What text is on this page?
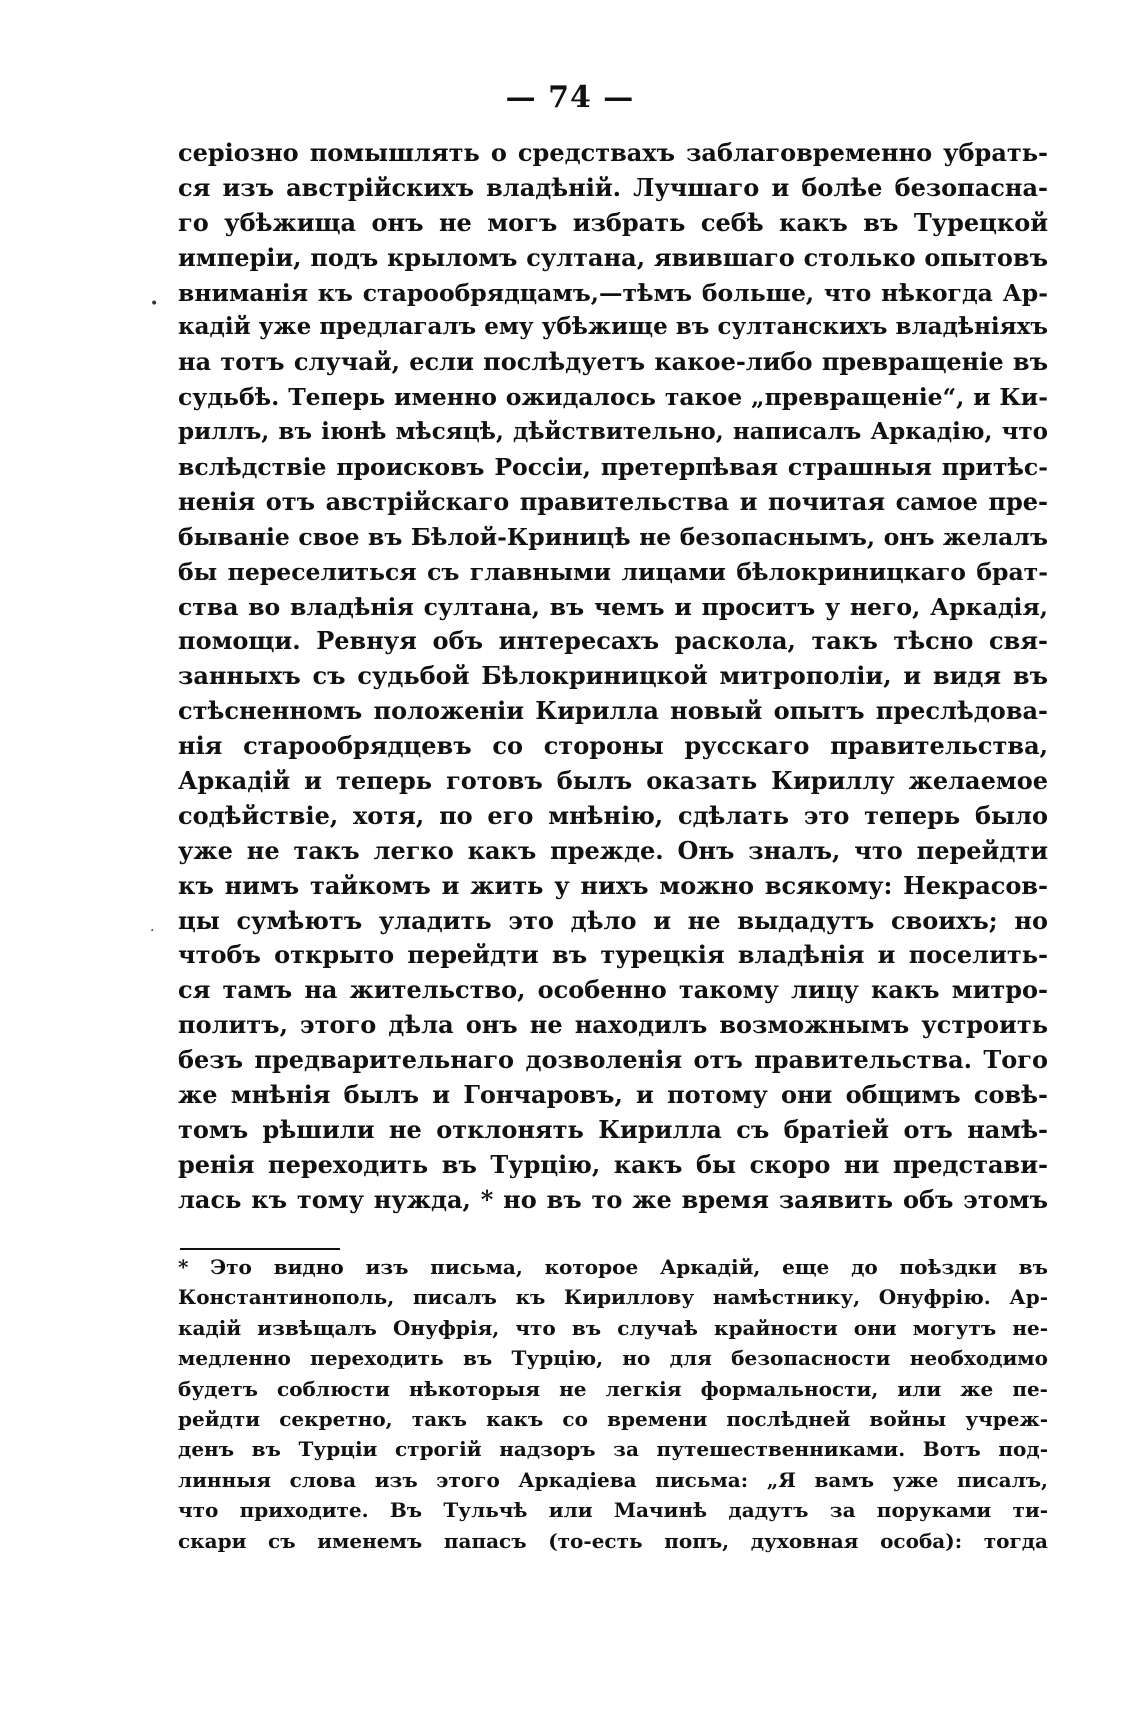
— 74 —
•
·
серіозно помышлять о средствахъ заблаговременно убрать-
ся изъ австрійскихъ владѣній. Лучшаго и болѣе безопасна-
го убѣжища онъ не могъ избрать себѣ какъ въ Турецкой
имперіи, подъ крыломъ султана, явившаго столько опытовъ
вниманія къ старообрядцамъ,—тѣмъ больше, что нѣкогда Ар-
кадій уже предлагалъ ему убѣжище въ султанскихъ владѣніяхъ
на тотъ случай, если послѣдуетъ какое-либо превращеніе въ
судьбѣ. Теперь именно ожидалось такое „превращеніе“, и Ки-
риллъ, въ іюнѣ мѣсяцѣ, дѣйствительно, написалъ Аркадію, что
вслѣдствіе происковъ Россіи, претерпѣвая страшныя притѣс-
ненія отъ австрійскаго правительства и почитая самое пре-
бываніе свое въ Бѣлой-Криницѣ не безопаснымъ, онъ желалъ
бы переселиться съ главными лицами бѣлокриницкаго брат-
ства во владѣнія султана, въ чемъ и проситъ у него, Аркадія,
помощи. Ревнуя объ интересахъ раскола, такъ тѣсно свя-
занныхъ съ судьбой Бѣлокриницкой митрополіи, и видя въ
стѣсненномъ положеніи Кирилла новый опытъ преслѣдова-
нія старообрядцевъ со стороны русскаго правительства,
Аркадій и теперь готовъ былъ оказать Кириллу желаемое
содѣйствіе, хотя, по его мнѣнію, сдѣлать это теперь было
уже не такъ легко какъ прежде. Онъ зналъ, что перейдти
къ нимъ тайкомъ и жить у нихъ можно всякому: Некрасов-
цы сумѣютъ уладить это дѣло и не выдадутъ своихъ; но
чтобъ открыто перейдти въ турецкія владѣнія и поселить-
ся тамъ на жительство, особенно такому лицу какъ митро-
политъ, этого дѣла онъ не находилъ возможнымъ устроить
безъ предварительнаго дозволенія отъ правительства. Того
же мнѣнія былъ и Гончаровъ, и потому они общимъ совѣ-
томъ рѣшили не отклонять Кирилла съ братіей отъ намѣ-
ренія переходить въ Турцію, какъ бы скоро ни представи-
лась къ тому нужда, * но въ то же время заявить объ этомъ
* Это видно изъ письма, которое Аркадій, еще до поѣздки въ
Константинополь, писалъ къ Кириллову намѣстнику, Онуфрію. Ар-
кадій извѣщалъ Онуфрія, что въ случаѣ крайности они могутъ не-
медленно переходить въ Турцію, но для безопасности необходимо
будетъ соблюсти нѣкоторыя не легкія формальности, или же пе-
рейдти секретно, такъ какъ со времени послѣдней войны учреж-
денъ въ Турціи строгій надзоръ за путешественниками. Вотъ под-
линныя слова изъ этого Аркадіева письма: „Я вамъ уже писалъ,
что приходите. Въ Тульчѣ или Мачинѣ дадутъ за поруками ти-
скари съ именемъ папасъ (то-есть попъ, духовная особа): тогда
